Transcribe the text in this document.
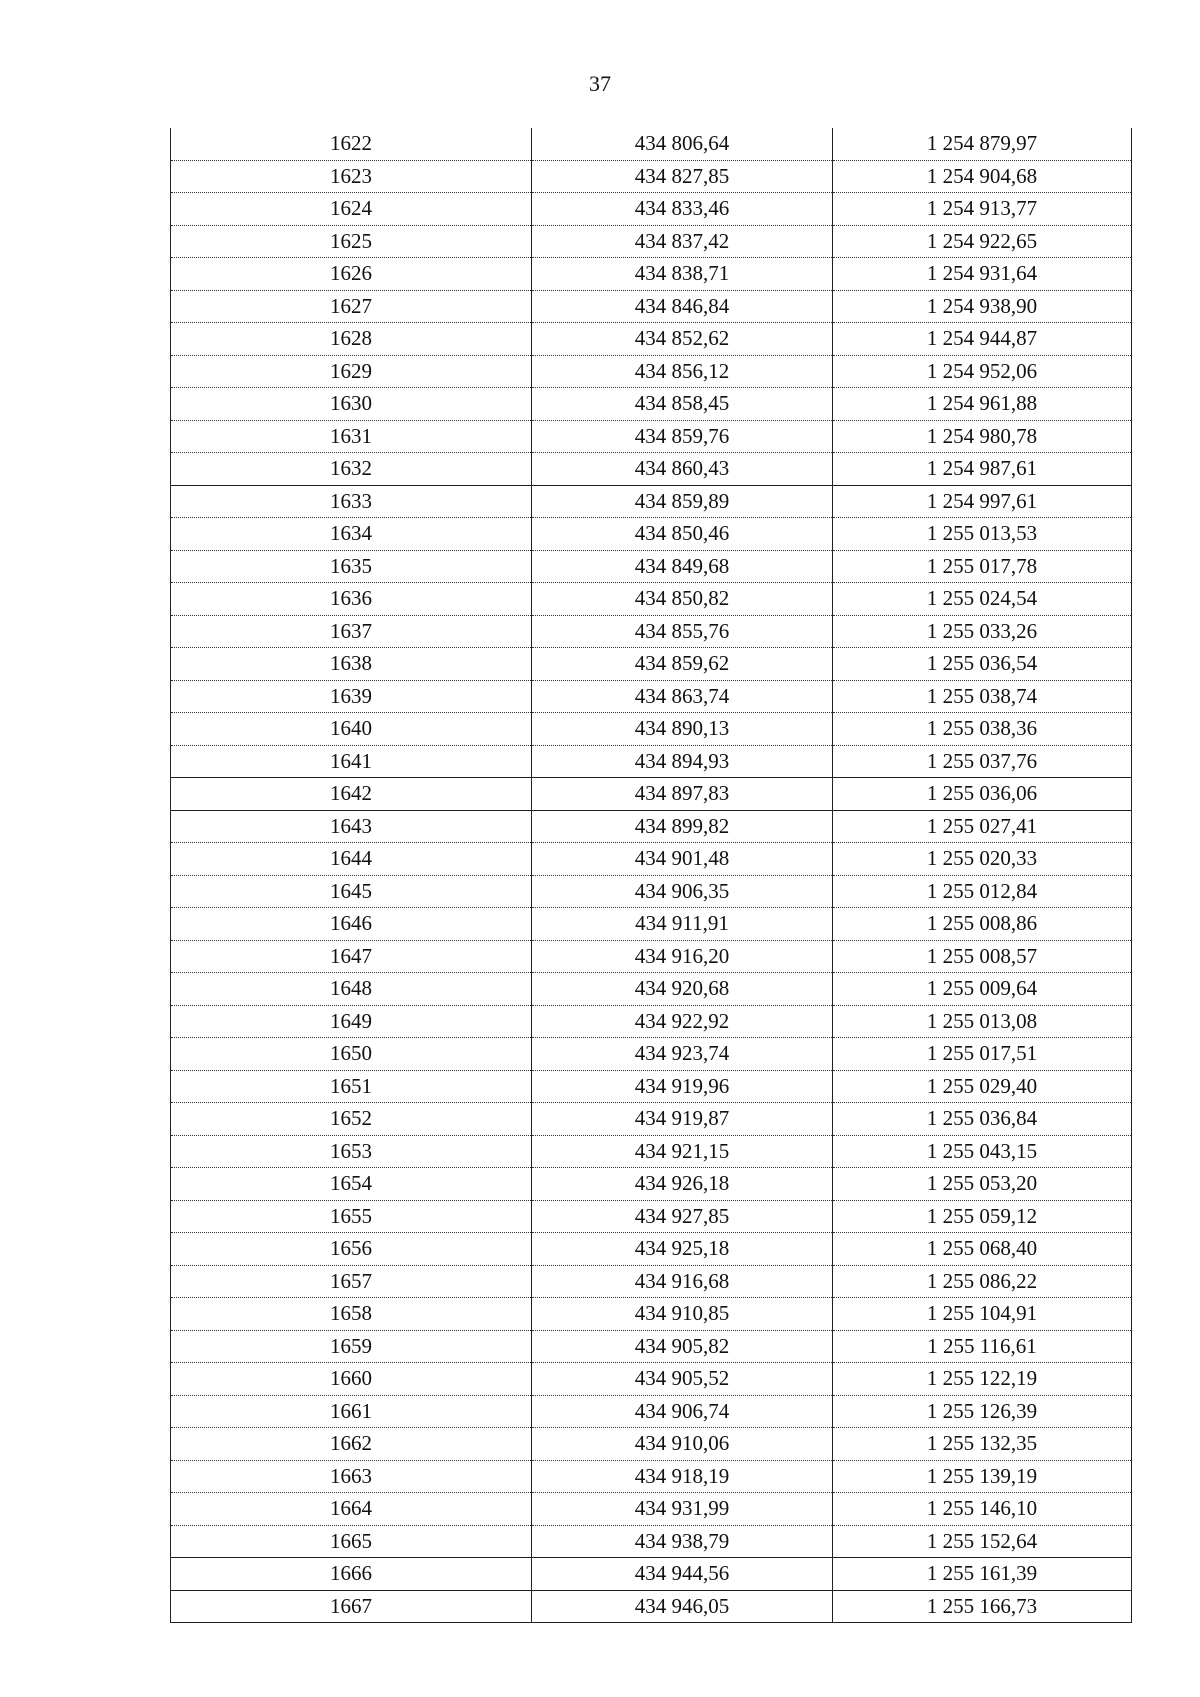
37
1622	434 806,64	1 254 879,97
1623	434 827,85	1 254 904,68
1624	434 833,46	1 254 913,77
1625	434 837,42	1 254 922,65
1626	434 838,71	1 254 931,64
1627	434 846,84	1 254 938,90
1628	434 852,62	1 254 944,87
1629	434 856,12	1 254 952,06
1630	434 858,45	1 254 961,88
1631	434 859,76	1 254 980,78
1632	434 860,43	1 254 987,61
1633	434 859,89	1 254 997,61
1634	434 850,46	1 255 013,53
1635	434 849,68	1 255 017,78
1636	434 850,82	1 255 024,54
1637	434 855,76	1 255 033,26
1638	434 859,62	1 255 036,54
1639	434 863,74	1 255 038,74
1640	434 890,13	1 255 038,36
1641	434 894,93	1 255 037,76
1642	434 897,83	1 255 036,06
1643	434 899,82	1 255 027,41
1644	434 901,48	1 255 020,33
1645	434 906,35	1 255 012,84
1646	434 911,91	1 255 008,86
1647	434 916,20	1 255 008,57
1648	434 920,68	1 255 009,64
1649	434 922,92	1 255 013,08
1650	434 923,74	1 255 017,51
1651	434 919,96	1 255 029,40
1652	434 919,87	1 255 036,84
1653	434 921,15	1 255 043,15
1654	434 926,18	1 255 053,20
1655	434 927,85	1 255 059,12
1656	434 925,18	1 255 068,40
1657	434 916,68	1 255 086,22
1658	434 910,85	1 255 104,91
1659	434 905,82	1 255 116,61
1660	434 905,52	1 255 122,19
1661	434 906,74	1 255 126,39
1662	434 910,06	1 255 132,35
1663	434 918,19	1 255 139,19
1664	434 931,99	1 255 146,10
1665	434 938,79	1 255 152,64
1666	434 944,56	1 255 161,39
1667	434 946,05	1 255 166,73
